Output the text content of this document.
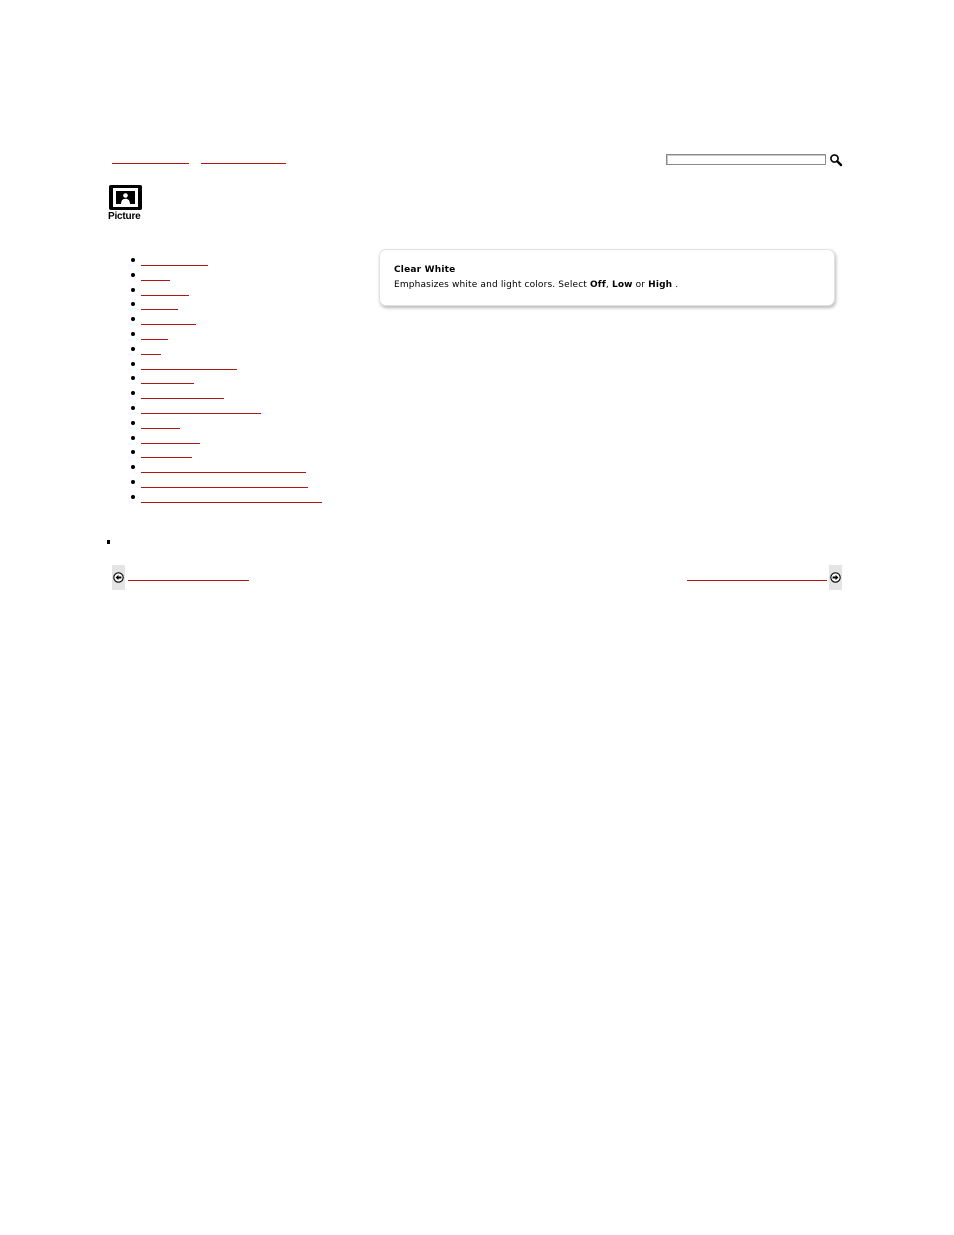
Picture
Clear White
Emphasizes white and light colors. Select Off, Low or High .
